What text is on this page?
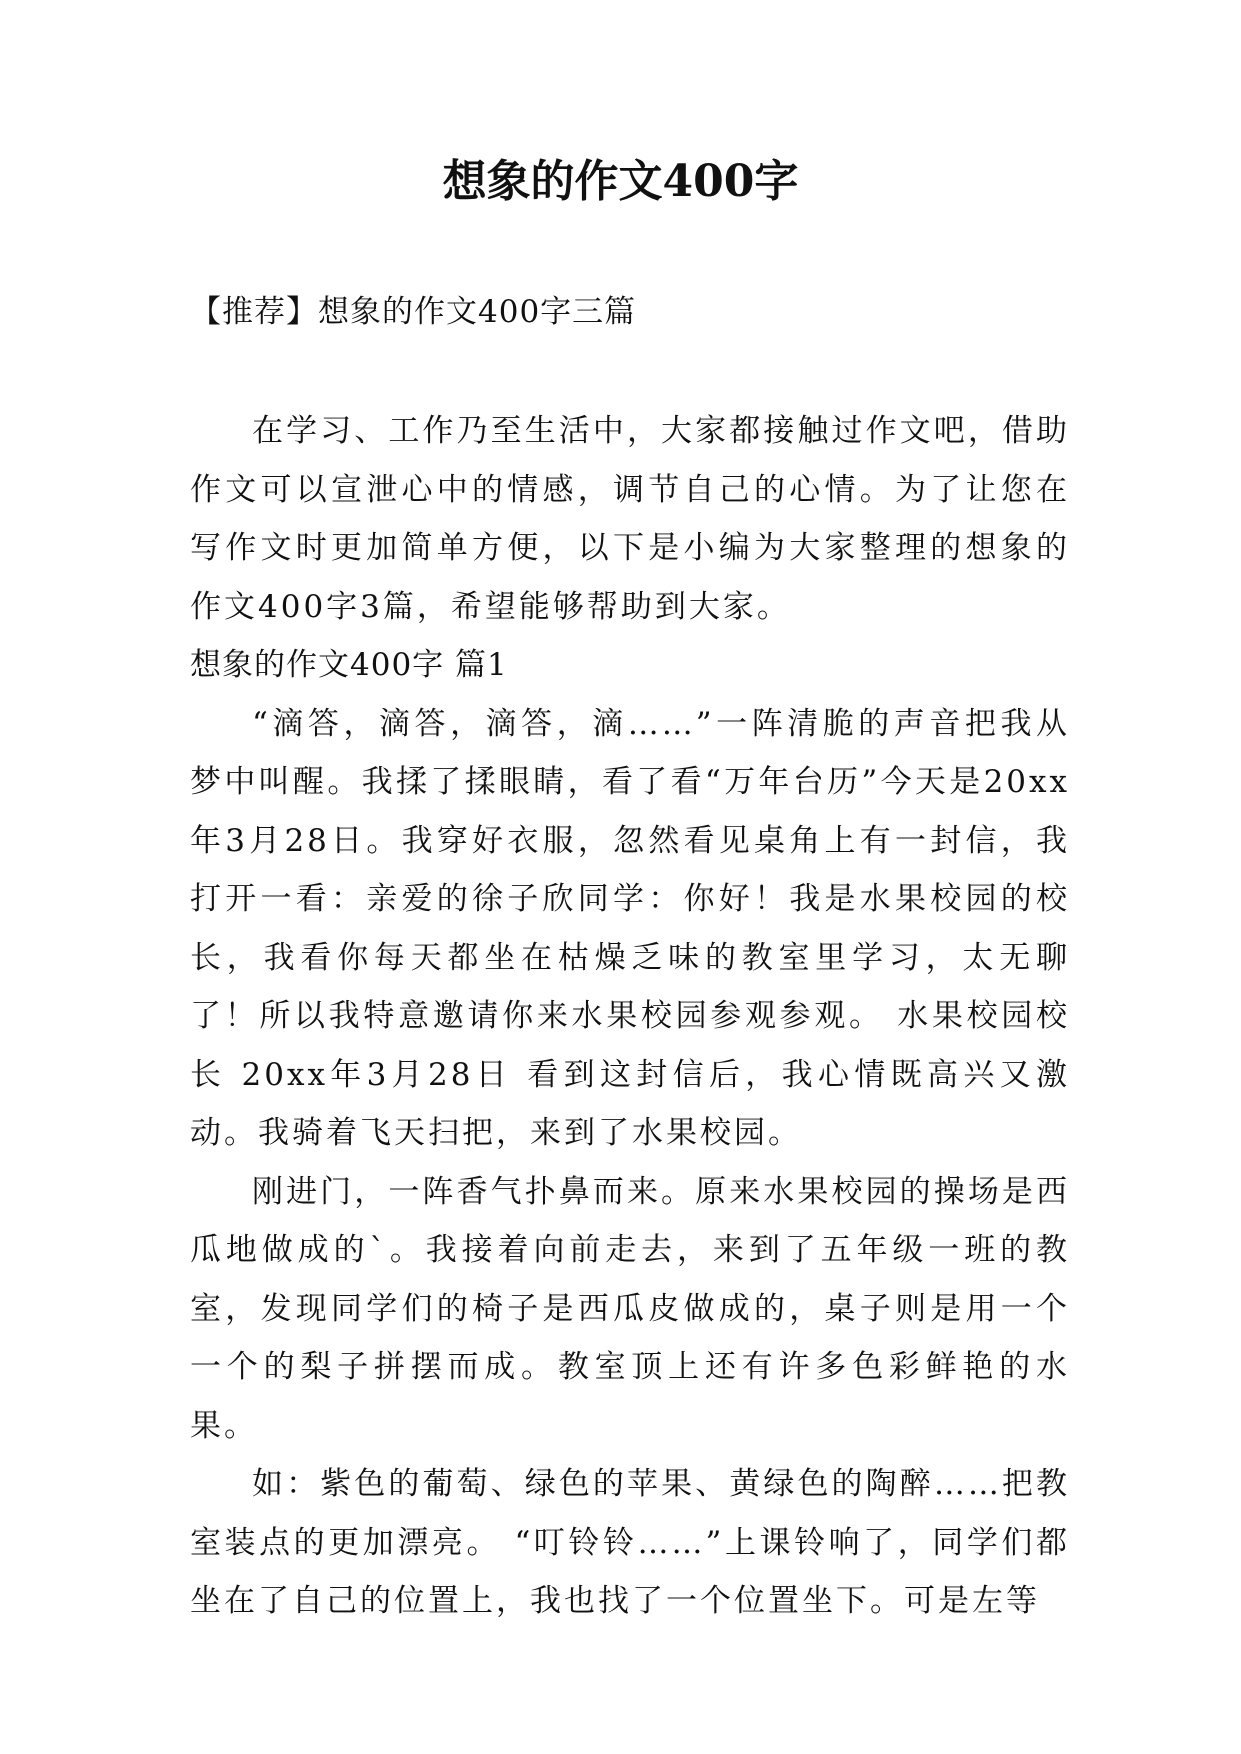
想象的作文400字

【推荐】想象的作文400字三篇

在学习、工作乃至生活中，大家都接触过作文吧，借助作文可以宣泄心中的情感，调节自己的心情。为了让您在写作文时更加简单方便，以下是小编为大家整理的想象的作文400字3篇，希望能够帮助到大家。

想象的作文400字 篇1

“滴答，滴答，滴答，滴……”一阵清脆的声音把我从梦中叫醒。我揉了揉眼睛，看了看“万年台历”今天是20xx年3月28日。我穿好衣服，忽然看见桌角上有一封信，我打开一看：亲爱的徐子欣同学：你好！我是水果校园的校长，我看你每天都坐在枯燥乏味的教室里学习，太无聊了！所以我特意邀请你来水果校园参观参观。 水果校园校长 20xx年3月28日 看到这封信后，我心情既高兴又激动。我骑着飞天扫把，来到了水果校园。

刚进门，一阵香气扑鼻而来。原来水果校园的操场是西瓜地做成的`。我接着向前走去，来到了五年级一班的教室，发现同学们的椅子是西瓜皮做成的，桌子则是用一个一个的梨子拼摆而成。教室顶上还有许多色彩鲜艳的水果。

如：紫色的葡萄、绿色的苹果、黄绿色的陶醉……把教室装点的更加漂亮。 “叮铃铃……”上课铃响了，同学们都坐在了自己的位置上，我也找了一个位置坐下。可是左等
